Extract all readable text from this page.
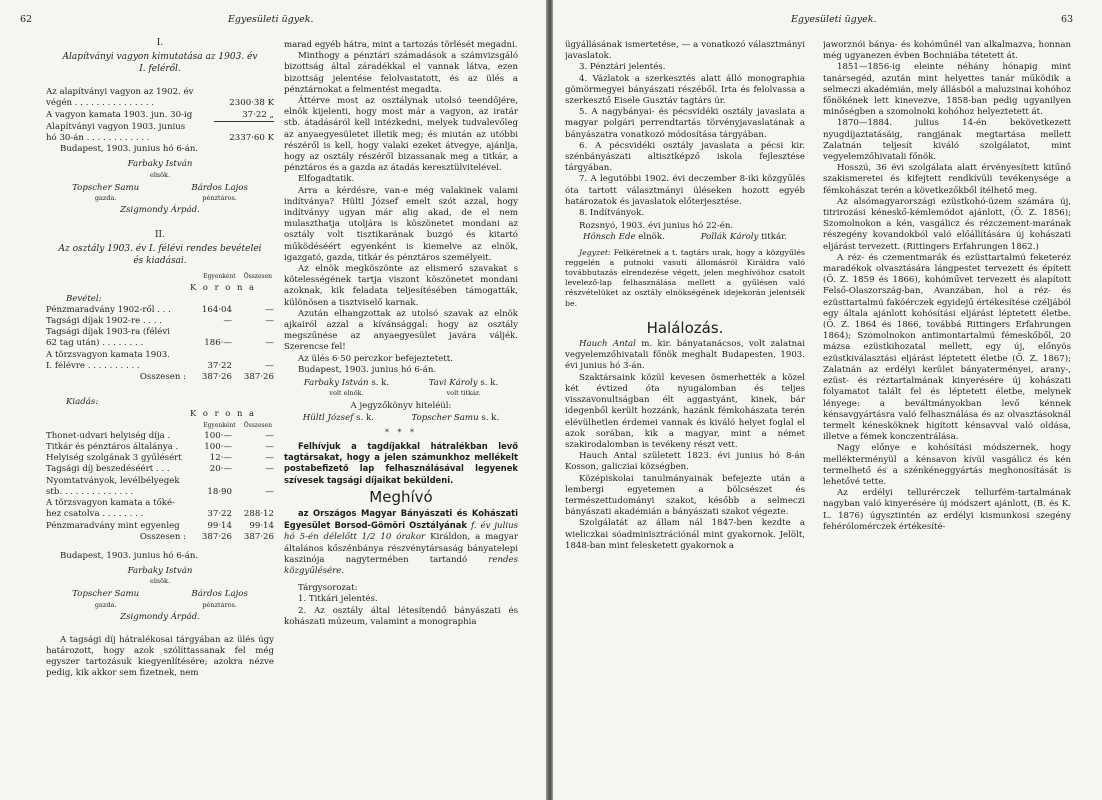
62	Egyesületi ügyek.
I.
Alapítványi vagyon kimutatása az 1903. év
I. feléről.
Az alapítványi vagyon az 1902. év
végén . . . . . . . . . . . . . . .	2300·38 K
A vagyon kamata 1903. jun. 30-ig	37·22 „
Alapítványi vagyon 1903. junius
hó 30-án . . . . . . . . . . . .	2337·60 K

Budapest, 1903. junius hó 6-án.

Farbaky István
elnök.
Topscher Samu
gazda.
Bárdos Lajos
pénztáros.
Zsigmondy Árpád.
II.
Az osztály 1903. év I. félévi rendes bevételei
és kiadásai.
Egyenként Összesen
K o r o n a
Bevétel:
Pénzmaradvány 1902-ről . . .	164·04	—
Tagsági díjak 1902-re . . . .	—	—
Tagsági díjak 1903-ra (félévi
62 tag után) . . . . . . . .	186·—	—
A törzsvagyon kamata 1903.
I. félévre . . . . . . . . . .	37·22	—
Összesen :	387·26	387·26
Kiadás:
K o r o n a
Egyenként Összesen
Thonet-udvari helyiség díja .	100·—	—
Titkár és pénztáros általánya .	100·—	—
Helyiség szolgának 3 gyűlésért	12·—	—
Tagsági díj beszedéséért . . .	20·—	—
Nyomtatványok, levélbélyegek
stb. . . . . . . . . . . . . .	18·90	—
A törzsvagyon kamata a tőké-
hez csatolva . . . . . . . .	37·22	288·12
Pénzmaradvány mint egyenleg	99·14	99·14
Összesen :	387·26	387·26

Budapest, 1903. junius hó 6-án.

Farbaky István
elnök.
Topscher Samu
gazda.
Bárdos Lajos
pénztáros.
Zsigmondy Árpád.

A tagsági díj hátralékosai tárgyában az ülés úgy határozott, hogy azok szólíttassanak fel még egyszer tartozásuk kiegyenlítésére; azokra nézve pedig, kik akkor sem fizetnek, nem

marad egyéb hátra, mint a tartozás törlését megadni.

Minthogy a pénztári számadások a számvizsgáló bizottság által záradékkal el vannak látva, ezen bizottság jelentése felolvastatott, és az ülés a pénztárnokat a felmentést megadta.

Áttérve most az osztálynak utolsó teendőjére, elnök kijelenti, hogy most már a vagyon, az iratár stb. átadásáról kell intézkedni, melyek tudvalevőleg az anyaegyesületet illetik meg; és miután az utóbbi részéről is kell, hogy valaki ezeket átvegye, ajánlja, hogy az osztály részéről bizassanak meg a titkár, a pénztáros és a gazda az átadás keresztülvitelével.

Elfogadtatik.

Arra a kérdésre, van-e még valakinek valami indítványa? Hültl József emelt szót azzal, hogy indítványy ugyan már alig akad, de el nem mulaszthatja utoljára is köszönetet mondani az osztály volt tisztikarának buzgó és kitartó működéséért egyenként is kiemelve az elnök, igazgató, gazda, titkár és pénztáros személyeit.

Az elnök megköszönte az elismerő szavakat s kötelességének tartja viszont köszönetet mondani azoknak, kik feladata teljesítésében támogatták, különösen a tisztviselő karnak.

Azután elhangzottak az utolsó szavak az elnök ajkairól azzal a kívánsággal: hogy az osztály megszűnése az anyaegyesület javára váljék. Szerencse fel!

Az ülés 6·50 perczkor befejeztetett.

Budapest, 1903. junius hó 6-án.

Farbaky István s. k.
volt elnök.
Tavi Károly s. k.
volt titkár.
A jegyzőkönyv hiteléül:
Hültl József s. k.	Topscher Samu s. k.
* * *

Felhívjuk a tagdíjakkal hátralékban levő tagtársakat, hogy a jelen számunkhoz mellékelt postabefizető lap felhasználásával legyenek szívesek tagsági díjaikat beküldeni.

Meghívó

az Országos Magyar Bányászati és Kohászati Egyesület Borsod-Gömöri Osztályának f. év julius hó 5-én délelőtt 1/2 10 órakor Királdon, a magyar általános kőszénbánya részvénytársaság bányatelepi kaszinója nagytermében tartandó rendes közgyűlésére.

Tárgysorozat:

1. Titkári jelentés.

2. Az osztály által létesítendő bányászati és kohászati múzeum, valamint a monographia

Egyesületi ügyek.	63

ügyállásának ismertetése, — a vonatkozó választmányi javaslatok.

3. Pénztári jelentés.

4. Vázlatok a szerkesztés alatt álló monographia gömörmegyei bányászati részéből. Irta és felolvassa a szerkesztő Eisele Gusztáv tagtárs úr.

5. A nagybányai- és pécsvidéki osztály javaslata a magyar polgári perrendtartás törvényjavaslatának a bányászatra vonatkozó módosítása tárgyában.

6. A pécsvidéki osztály javaslata a pécsi kir. szénbányászati altisztképző iskola fejlesztése tárgyában.

7. A legutóbbi 1902. évi deczember 8-iki közgyűlés óta tartott választmányi üléseken hozott egyéb határozatok és javaslatok előterjesztése.

8. Indítványok.

Rozsnyó, 1903. évi junius hó 22-én.

Hönsch Ede elnök.	Pollák Károly titkár.

Jegyzet: Felkéretnek a t. tagtárs urak, hogy a közgyűlés reggelén a putnoki vasuti állomásról Királdra való továbbutazás elrendezése végett, jelen meghívóhoz csatolt levelező-lap felhasználása mellett a gyűlésen való részvételüket az osztály elnökségének idejekorán jelentsék be.

Halálozás.

Hauch Antal m. kir. bányatanácsos, volt zalatnai vegyelemzőhivatali főnök meghalt Budapesten, 1903. évi junius hó 3-án.

Szaktársaink közül kevesen ösmerhették a közel két évtized óta nyugalomban és teljes visszavonultságban élt aggastyánt, kinek, bár idegenből került hozzánk, hazánk fémkohászata terén elévülhetlen érdemei vannak és kiváló helyet foglal el azok sorában, kik a magyar, mint a német szakirodalomban is tevékeny részt vett.

Hauch Antal született 1823. évi junius hó 8-án Kosson, galicziai községben.

Középiskolai tanulmányainak befejezte után a lembergi egyetemen a bölcsészet és természettudományi szakot, később a selmeczi bányászati akadémián a bányászati szakot végezte.

Szolgálatát az állam nál 1847-ben kezdte a wieliczkai sóadminisztrációnál mint gyakornok. Jelölt, 1848-ban mint felesketett gyakornok a

jaworznói bánya- és kohóműnél van alkalmazva, honnan még ugyanezen évben Bochniába tétetett át.

1851—1856-ig eleinte néhány hónapig mint tanársegéd, azután mint helyettes tanár működik a selmeczi akadémián, mely állásból a maluzsinai kohóhoz főnökének lett kinevezve, 1858-ban pedig ugyanilyen minőségben a szomolnoki kohóhoz helyeztetett át.

1870—1884. julius 14-én bekövetkezett nyugdíjaztatásáig, rangjának megtartása mellett Zalatnán teljesít kiváló szolgálatot, mint vegyelemzőhivatali főnök.

Hosszú, 36 évi szolgálata alatt érvényesített kitűnő szakismeretei és kifejtett rendkívüli tevékenysége a fémkohászat terén a következőkből ítélhető meg.

Az alsómagyarországi ezüstkohó-üzem számára új, titrirozási kéneskő-kémlemódot ajánlott, (Ö. Z. 1856); Szomolnokon a kén, vasgálicz és rézczement-marának részegény kovandokból való előállítására új kohászati eljárást tervezett. (Rittingers Erfahrungen 1862.)

A réz- és czementmarák és ezüsttartalmú feketeréz maradékok olvasztására lángpestet tervezett és épített (Ö. Z. 1859 és 1866), kohóművet tervezett és alapított Felső-Olaszország-ban, Avanzában, hol a réz- és ezüsttartalmú fakóérczek egyidejű értékesítése czéljából egy általa ajánlott kohósítási eljárást léptetett életbe. (Ö. Z. 1864 és 1866, továbbá Rittingers Erfahrungen 1864); Szomolnokon antimontartalmú fémeskőből, 20 mázsa ezüstkihozatal mellett, egy új, előnyös ezüstkiválasztási eljárást léptetett életbe (Ö. Z. 1867); Zalatnán az erdélyi kerület bányaterményei, arany-, ezüst- és réztartalmának kinyerésére új kohászati folyamatot talált fel és léptetett életbe, melynek lényege: a beváltmányokban levő kénnek kénsavgyártásra való felhasználása és az olvasztásoknál termelt kénesköknek higított kénsavval való oldása, illetve a fémek konczentrálása.

Nagy előnye e kohósítási módszernek, hogy mellékterményül a kénsavon kívül vasgálicz és kén termelhető és a szénkéneggyártás meghonosítását is lehetővé tette.

Az erdélyi tellurérczek tellurfém-tartalmának nagyban való kinyerésére új módszert ajánlott, (B. és K. L. 1876) úgysztintén az erdélyi kismunkosi szegény fehérólomérczek értékesíté-
